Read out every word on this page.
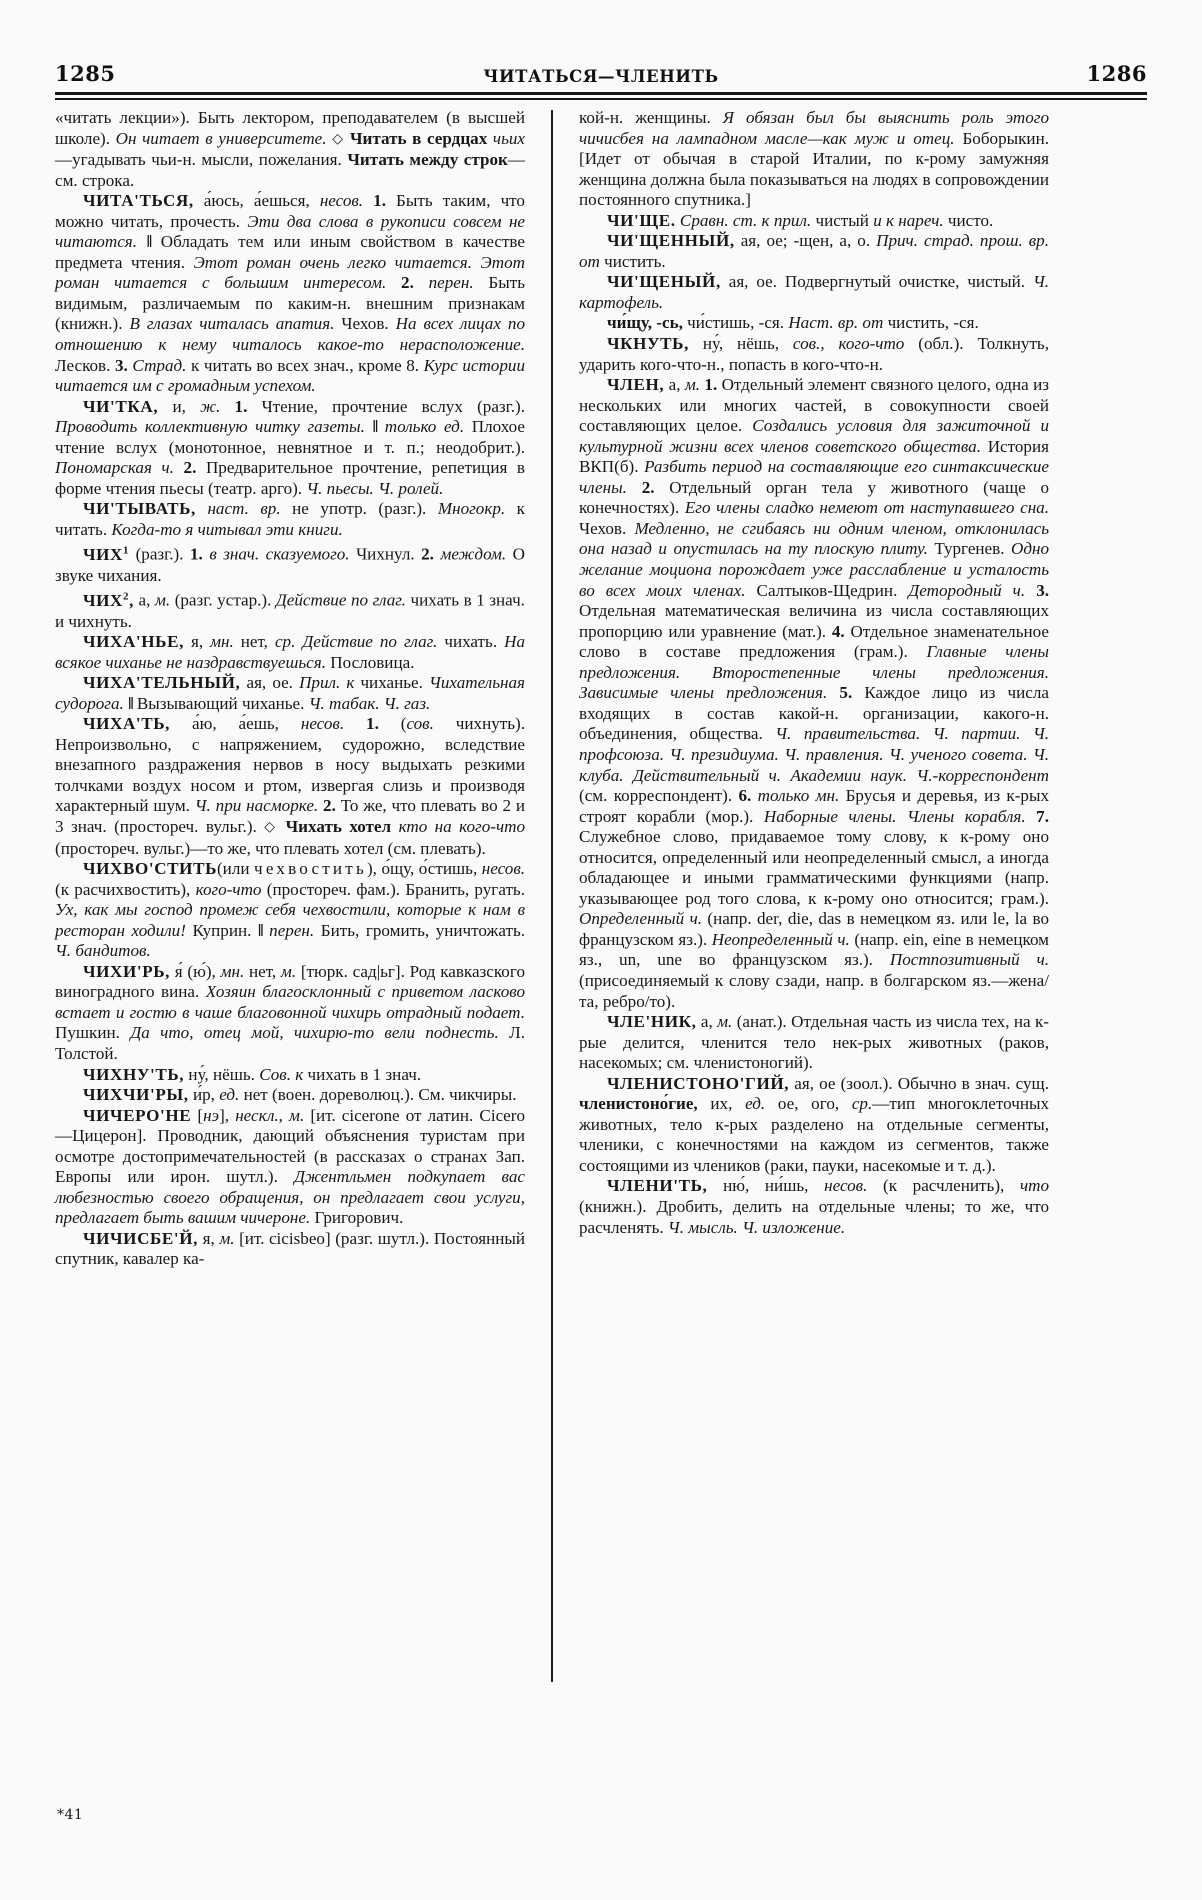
1285	ЧИТАТЬСЯ—ЧЛЕНИТЬ	1286

«читать лекции»). Быть лектором, преподавателем (в высшей школе). Он читает в университете. ◇ Читать в сердцах чьих—угадывать чьи-н. мысли, пожелания. Читать между строк—см. строка.

ЧИТА'ТЬСЯ, а́юсь, а́ешься, несов. 1. Быть таким, что можно читать, прочесть. Эти два слова в рукописи совсем не читаются. ‖ Обладать тем или иным свойством в качестве предмета чтения. Этот роман очень легко читается. Этот роман читается с большим интересом. 2. перен. Быть видимым, различаемым по каким-н. внешним признакам (книжн.). В глазах читалась апатия. Чехов. На всех лицах по отношению к нему читалось какое-то нерасположение. Лесков. 3. Страд. к читать во всех знач., кроме 8. Курс истории читается им с громадным успехом.

ЧИ'ТКА, и, ж. 1. Чтение, прочтение вслух (разг.). Проводить коллективную читку газеты. ‖ только ед. Плохое чтение вслух (монотонное, невнятное и т. п.; неодобрит.). Пономарская ч. 2. Предварительное прочтение, репетиция в форме чтения пьесы (театр. арго). Ч. пьесы. Ч. ролей.

ЧИ'ТЫВАТЬ, наст. вр. не употр. (разг.). Многокр. к читать. Когда-то я читывал эти книги.

ЧИХ$^1$ (разг.). 1. в знач. сказуемого. Чихнул. 2. междом. О звуке чихания.

ЧИХ$^2$, а, м. (разг. устар.). Действие по глаг. чихать в 1 знач. и чихнуть.

ЧИХА'НЬЕ, я, мн. нет, ср. Действие по глаг. чихать. На всякое чиханье не наздравствуешься. Пословица.

ЧИХА'ТЕЛЬНЫЙ, ая, ое. Прил. к чиханье. Чихательная судорога. ‖ Вызывающий чиханье. Ч. табак. Ч. газ.

ЧИХА'ТЬ, а́ю, а́ешь, несов. 1. (сов. чихнуть). Непроизвольно, с напряжением, судорожно, вследствие внезапного раздражения нервов в носу выдыхать резкими толчками воздух носом и ртом, извергая слизь и производя характерный шум. Ч. при насморке. 2. То же, что плевать во 2 и 3 знач. (простореч. вульг.). ◇ Чихать хотел кто на кого-что (простореч. вульг.)—то же, что плевать хотел (см. плевать).

ЧИХВО'СТИТЬ(или чехвостить), о́щу, о́стишь, несов. (к расчихвостить), кого-что (простореч. фам.). Бранить, ругать. Ух, как мы господ промеж себя чехвостили, которые к нам в ресторан ходили! Куприн. ‖ перен. Бить, громить, уничтожать. Ч. бандитов.

ЧИХИ'РЬ, я́ (ю́), мн. нет, м. [тюрк. сад|ьг]. Род кавказского виноградного вина. Хозяин благосклонный с приветом ласково встает и гостю в чаше благовонной чихирь отрадный подает. Пушкин. Да что, отец мой, чихирю-то вели поднесть. Л. Толстой.

ЧИХНУ'ТЬ, ну́, нёшь. Сов. к чихать в 1 знач.

ЧИХЧИ'РЫ, и́р, ед. нет (воен. дореволюц.). См. чикчиры.

ЧИЧЕРО'НЕ [нэ], нескл., м. [ит. cicerone от латин. Cicero—Цицерон]. Проводник, дающий объяснения туристам при осмотре достопримечательностей (в рассказах о странах Зап. Европы или ирон. шутл.). Джентльмен подкупает вас любезностью своего обращения, он предлагает свои услуги, предлагает быть вашим чичероне. Григорович.

ЧИЧИСБЕ'Й, я, м. [ит. cicisbeo] (разг. шутл.). Постоянный спутник, кавалер ка-

кой-н. женщины. Я обязан был бы выяснить роль этого чичисбея на лампадном масле—как муж и отец. Боборыкин. [Идет от обычая в старой Италии, по к-рому замужняя женщина должна была показываться на людях в сопровождении постоянного спутника.]

ЧИ'ЩЕ. Сравн. ст. к прил. чистый и к нареч. чисто.

ЧИ'ЩЕННЫЙ, ая, ое; -щен, а, о. Прич. страд. прош. вр. от чистить.

ЧИ'ЩЕНЫЙ, ая, ое. Подвергнутый очистке, чистый. Ч. картофель.

чи́щу, -сь, чи́стишь, -ся. Наст. вр. от чистить, -ся.

ЧКНУТЬ, ну́, нёшь, сов., кого-что (обл.). Толкнуть, ударить кого-что-н., попасть в кого-что-н.

ЧЛЕН, а, м. 1. Отдельный элемент связного целого, одна из нескольких или многих частей, в совокупности своей составляющих целое. Создались условия для зажиточной и культурной жизни всех членов советского общества. История ВКП(б). Разбить период на составляющие его синтаксические члены. 2. Отдельный орган тела у животного (чаще о конечностях). Его члены сладко немеют от наступавшего сна. Чехов. Медленно, не сгибаясь ни одним членом, отклонилась она назад и опустилась на ту плоскую плиту. Тургенев. Одно желание моциона порождает уже расслабление и усталость во всех моих членах. Салтыков-Щедрин. Детородный ч. 3. Отдельная математическая величина из числа составляющих пропорцию или уравнение (мат.). 4. Отдельное знаменательное слово в составе предложения (грам.). Главные члены предложения. Второстепенные члены предложения. Зависимые члены предложения. 5. Каждое лицо из числа входящих в состав какой-н. организации, какого-н. объединения, общества. Ч. правительства. Ч. партии. Ч. профсоюза. Ч. президиума. Ч. правления. Ч. ученого совета. Ч. клуба. Действительный ч. Академии наук. Ч.-корреспондент (см. корреспондент). 6. только мн. Брусья и деревья, из к-рых строят корабли (мор.). Наборные члены. Члены корабля. 7. Служебное слово, придаваемое тому слову, к к-рому оно относится, определенный или неопределенный смысл, а иногда обладающее и иными грамматическими функциями (напр. указывающее род того слова, к к-рому оно относится; грам.). Определенный ч. (напр. der, die, das в немецком яз. или le, la во французском яз.). Неопределенный ч. (напр. ein, eine в немецком яз., un, une во французском яз.). Постпозитивный ч. (присоединяемый к слову сзади, напр. в болгарском яз.—жена/та, ребро/то).

ЧЛЕ'НИК, а, м. (анат.). Отдельная часть из числа тех, на к-рые делится, членится тело нек-рых животных (раков, насекомых; см. членистоногий).

ЧЛЕНИСТОНО'ГИЙ, ая, ое (зоол.). Обычно в знач. сущ. членистоно́гие, их, ед. ое, ого, ср.—тип многоклеточных животных, тело к-рых разделено на отдельные сегменты, членики, с конечностями на каждом из сегментов, также состоящими из члеников (раки, пауки, насекомые и т. д.).

ЧЛЕНИ'ТЬ, ню́, ни́шь, несов. (к расчленить), что (книжн.). Дробить, делить на отдельные члены; то же, что расчленять. Ч. мысль. Ч. изложение.

*41
